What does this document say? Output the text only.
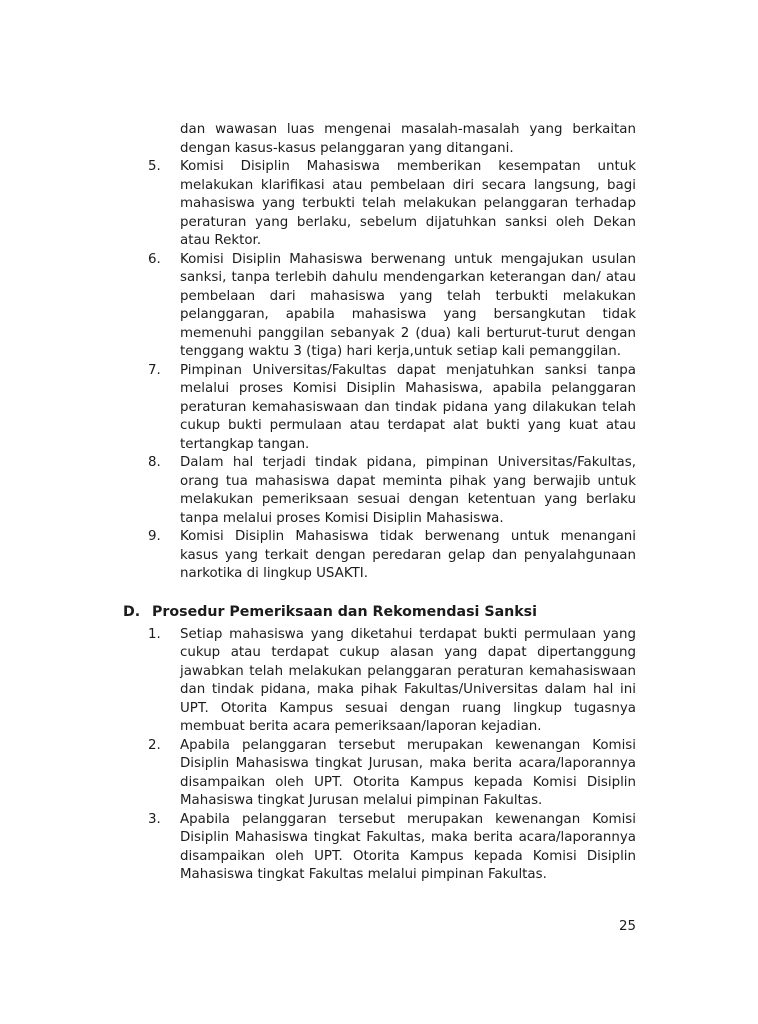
dan wawasan luas mengenai masalah-masalah yang berkaitan dengan kasus-kasus pelanggaran yang ditangani.

5.	Komisi Disiplin Mahasiswa memberikan kesempatan untuk melakukan klarifikasi atau pembelaan diri secara langsung, bagi mahasiswa yang terbukti telah melakukan pelanggaran terhadap peraturan yang berlaku, sebelum dijatuhkan sanksi oleh Dekan atau Rektor.
6.	Komisi Disiplin Mahasiswa berwenang untuk mengajukan usulan sanksi, tanpa terlebih dahulu mendengarkan keterangan dan/ atau pembelaan dari mahasiswa yang telah terbukti melakukan pelanggaran, apabila mahasiswa yang bersangkutan tidak memenuhi panggilan sebanyak 2 (dua) kali berturut-turut dengan tenggang waktu 3 (tiga) hari kerja,untuk setiap kali pemanggilan.
7.	Pimpinan Universitas/Fakultas dapat menjatuhkan sanksi tanpa melalui proses Komisi Disiplin Mahasiswa, apabila pelanggaran peraturan kemahasiswaan dan tindak pidana yang dilakukan telah cukup bukti permulaan atau terdapat alat bukti yang kuat atau tertangkap tangan.
8.	Dalam hal terjadi tindak pidana, pimpinan Universitas/Fakultas, orang tua mahasiswa dapat meminta pihak yang berwajib untuk melakukan pemeriksaan sesuai dengan ketentuan yang berlaku tanpa melalui proses Komisi Disiplin Mahasiswa.
9.	Komisi Disiplin Mahasiswa tidak berwenang untuk menangani kasus yang terkait dengan peredaran gelap dan penyalahgunaan narkotika di lingkup USAKTI.
D. Prosedur Pemeriksaan dan Rekomendasi Sanksi
1.	Setiap mahasiswa yang diketahui terdapat bukti permulaan yang cukup atau terdapat cukup alasan yang dapat dipertanggung jawabkan telah melakukan pelanggaran peraturan kemahasiswaan dan tindak pidana, maka pihak Fakultas/Universitas dalam hal ini UPT. Otorita Kampus sesuai dengan ruang lingkup tugasnya membuat berita acara pemeriksaan/laporan kejadian.
2.	Apabila pelanggaran tersebut merupakan kewenangan Komisi Disiplin Mahasiswa tingkat Jurusan, maka berita acara/laporannya disampaikan oleh UPT. Otorita Kampus kepada Komisi Disiplin Mahasiswa tingkat Jurusan melalui pimpinan Fakultas.
3.	Apabila pelanggaran tersebut merupakan kewenangan Komisi Disiplin Mahasiswa tingkat Fakultas, maka berita acara/laporannya disampaikan oleh UPT. Otorita Kampus kepada Komisi Disiplin Mahasiswa tingkat Fakultas melalui pimpinan Fakultas.
25
